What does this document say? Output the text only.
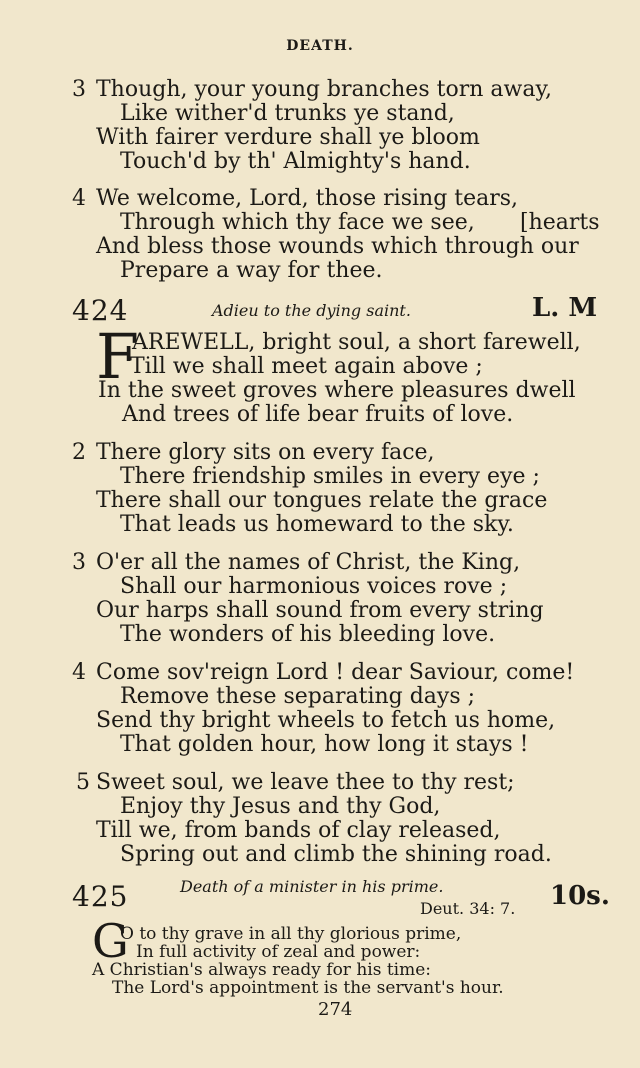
DEATH.
3 Though, your young branches torn away,
Like wither'd trunks ye stand,
With fairer verdure shall ye bloom
Touch'd by th' Almighty's hand.
4 We welcome, Lord, those rising tears,
Through which thy face we see, [hearts
And bless those wounds which through our
Prepare a way for thee.
424	Adieu to the dying saint.	L. M
F
AREWELL, bright soul, a short farewell,
Till we shall meet again above ;
In the sweet groves where pleasures dwell
And trees of life bear fruits of love.
2 There glory sits on every face,
There friendship smiles in every eye ;
There shall our tongues relate the grace
That leads us homeward to the sky.
3 O'er all the names of Christ, the King,
Shall our harmonious voices rove ;
Our harps shall sound from every string
The wonders of his bleeding love.
4 Come sov'reign Lord ! dear Saviour, come!
Remove these separating days ;
Send thy bright wheels to fetch us home,
That golden hour, how long it stays !
5 Sweet soul, we leave thee to thy rest;
Enjoy thy Jesus and thy God,
Till we, from bands of clay released,
Spring out and climb the shining road.
425	Death of a minister in his prime.
Deut. 34: 7. 10s.
G
O to thy grave in all thy glorious prime,
In full activity of zeal and power:
A Christian's always ready for his time:
The Lord's appointment is the servant's hour.
274
